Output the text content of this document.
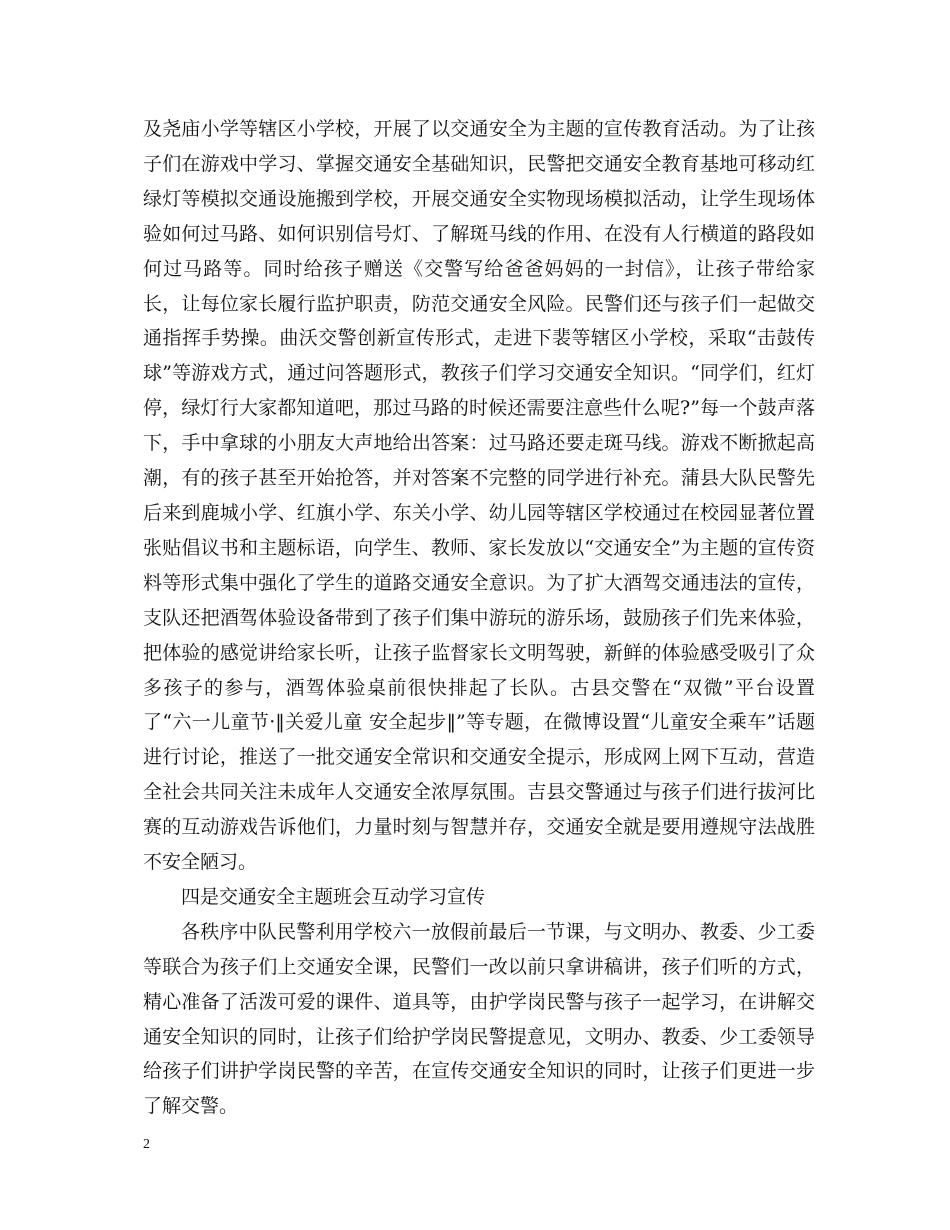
及尧庙小学等辖区小学校，开展了以交通安全为主题的宣传教育活动。为了让孩子们在游戏中学习、掌握交通安全基础知识，民警把交通安全教育基地可移动红绿灯等模拟交通设施搬到学校，开展交通安全实物现场模拟活动，让学生现场体验如何过马路、如何识别信号灯、了解斑马线的作用、在没有人行横道的路段如何过马路等。同时给孩子赠送《交警写给爸爸妈妈的一封信》，让孩子带给家长，让每位家长履行监护职责，防范交通安全风险。民警们还与孩子们一起做交通指挥手势操。曲沃交警创新宣传形式，走进下裴等辖区小学校，采取“击鼓传球”等游戏方式，通过问答题形式，教孩子们学习交通安全知识。“同学们，红灯停，绿灯行大家都知道吧，那过马路的时候还需要注意些什么呢?”每一个鼓声落下，手中拿球的小朋友大声地给出答案：过马路还要走斑马线。游戏不断掀起高潮，有的孩子甚至开始抢答，并对答案不完整的同学进行补充。蒲县大队民警先后来到鹿城小学、红旗小学、东关小学、幼儿园等辖区学校通过在校园显著位置张贴倡议书和主题标语，向学生、教师、家长发放以“交通安全”为主题的宣传资料等形式集中强化了学生的道路交通安全意识。为了扩大酒驾交通违法的宣传，支队还把酒驾体验设备带到了孩子们集中游玩的游乐场，鼓励孩子们先来体验，把体验的感觉讲给家长听，让孩子监督家长文明驾驶，新鲜的体验感受吸引了众多孩子的参与，酒驾体验桌前很快排起了长队。古县交警在“双微”平台设置了“六一儿童节·‖关爱儿童 安全起步‖”等专题，在微博设置“儿童安全乘车”话题进行讨论，推送了一批交通安全常识和交通安全提示，形成网上网下互动，营造全社会共同关注未成年人交通安全浓厚氛围。吉县交警通过与孩子们进行拔河比赛的互动游戏告诉他们，力量时刻与智慧并存，交通安全就是要用遵规守法战胜不安全陋习。

四是交通安全主题班会互动学习宣传

各秩序中队民警利用学校六一放假前最后一节课，与文明办、教委、少工委等联合为孩子们上交通安全课，民警们一改以前只拿讲稿讲，孩子们听的方式，精心准备了活泼可爱的课件、道具等，由护学岗民警与孩子一起学习，在讲解交通安全知识的同时，让孩子们给护学岗民警提意见，文明办、教委、少工委领导给孩子们讲护学岗民警的辛苦，在宣传交通安全知识的同时，让孩子们更进一步了解交警。

2
